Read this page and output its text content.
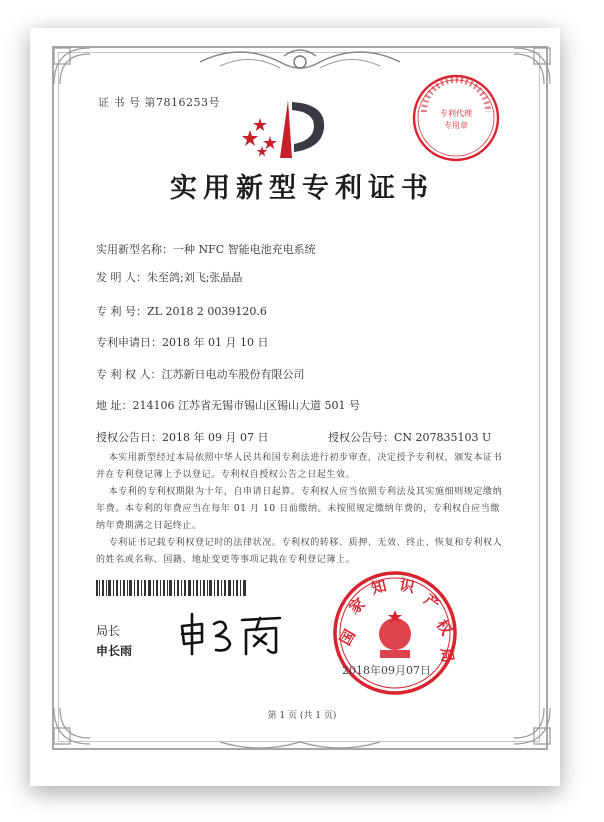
证 书 号 第7816253号
专利代理
专用章
实用新型专利证书
实用新型名称：一种 NFC 智能电池充电系统
发 明 人：朱至鸽;刘飞;张晶晶
专 利 号：ZL 2018 2 0039120.6
专利申请日：2018 年 01 月 10 日
专 利 权 人：江苏新日电动车股份有限公司
地 址：214106 江苏省无锡市锡山区锡山大道 501 号
授权公告日：2018 年 09 月 07 日	授权公告号：CN 207835103 U

本实用新型经过本局依照中华人民共和国专利法进行初步审查，决定授予专利权，颁发本证书并在专利登记簿上予以登记。专利权自授权公告之日起生效。

本专利的专利权期限为十年，自申请日起算。专利权人应当依照专利法及其实施细则规定缴纳年费。本专利的年费应当在每年 01 月 10 日前缴纳。未按照规定缴纳年费的，专利权自应当缴纳年费期满之日起终止。

专利证书记载专利权登记时的法律状况。专利权的转移、质押、无效、终止、恢复和专利权人的姓名或名称、国籍、地址变更等事项记载在专利登记簿上。

局长
申长雨
国
家
知 识
产
权
局
2018年09月07日
第 1 页 (共 1 页)
